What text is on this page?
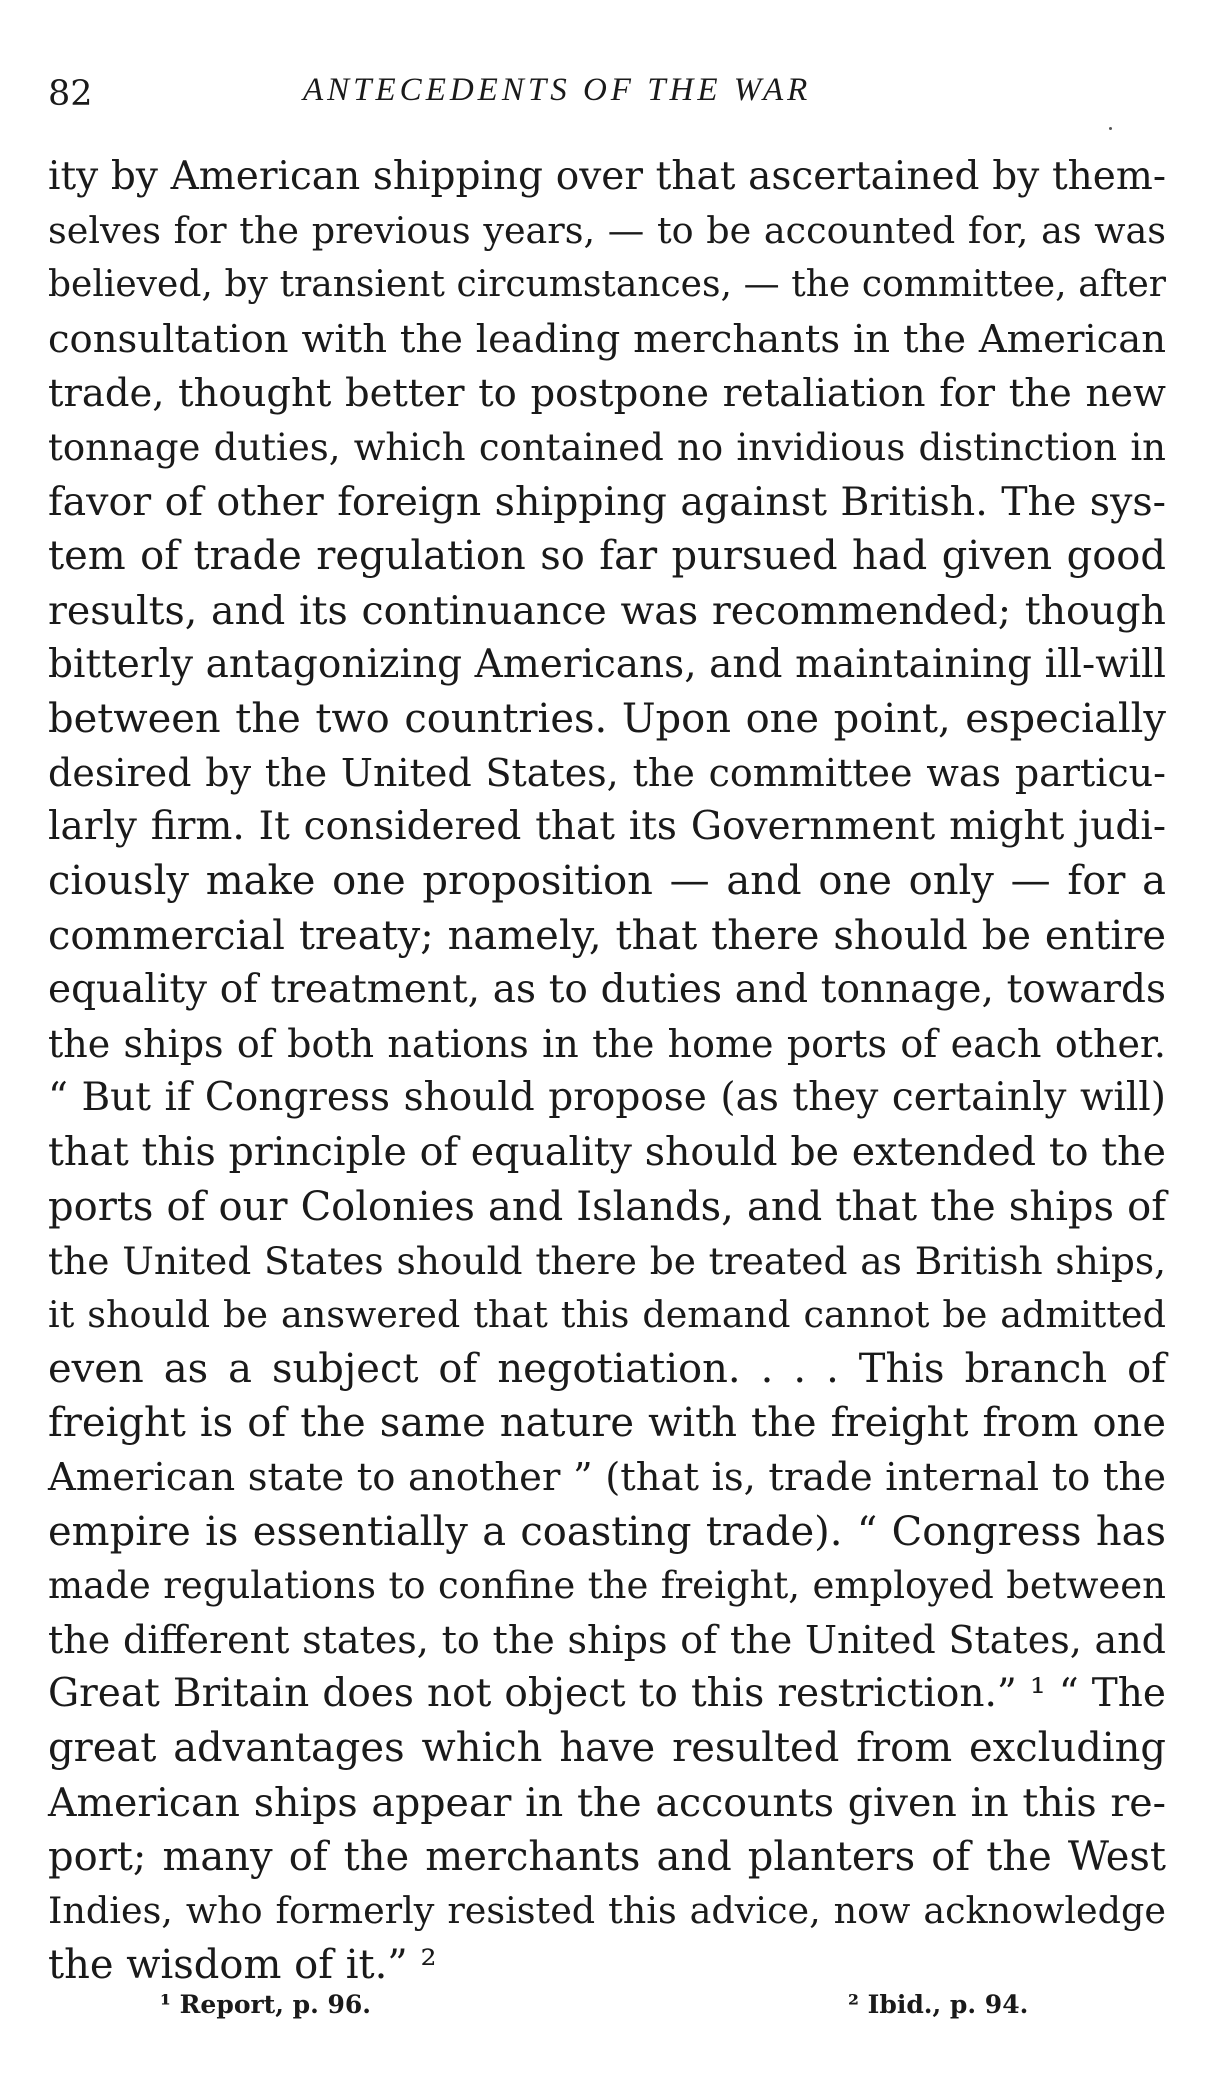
82	ANTECEDENTS OF THE WAR
ity by American shipping over that ascertained by them-
selves for the previous years, — to be accounted for, as was
believed, by transient circumstances, — the committee, after
consultation with the leading merchants in the American
trade, thought better to postpone retaliation for the new
tonnage duties, which contained no invidious distinction in
favor of other foreign shipping against British. The sys-
tem of trade regulation so far pursued had given good
results, and its continuance was recommended; though
bitterly antagonizing Americans, and maintaining ill-will
between the two countries. Upon one point, especially
desired by the United States, the committee was particu-
larly firm. It considered that its Government might judi-
ciously make one proposition — and one only — for a
commercial treaty; namely, that there should be entire
equality of treatment, as to duties and tonnage, towards
the ships of both nations in the home ports of each other.
“ But if Congress should propose (as they certainly will)
that this principle of equality should be extended to the
ports of our Colonies and Islands, and that the ships of
the United States should there be treated as British ships,
it should be answered that this demand cannot be admitted
even as a subject of negotiation. . . . This branch of
freight is of the same nature with the freight from one
American state to another ” (that is, trade internal to the
empire is essentially a coasting trade). “ Congress has
made regulations to confine the freight, employed between
the different states, to the ships of the United States, and
Great Britain does not object to this restriction.” ¹ “ The
great advantages which have resulted from excluding
American ships appear in the accounts given in this re-
port; many of the merchants and planters of the West
Indies, who formerly resisted this advice, now acknowledge
the wisdom of it.” ²
¹ Report, p. 96.	² Ibid., p. 94.
